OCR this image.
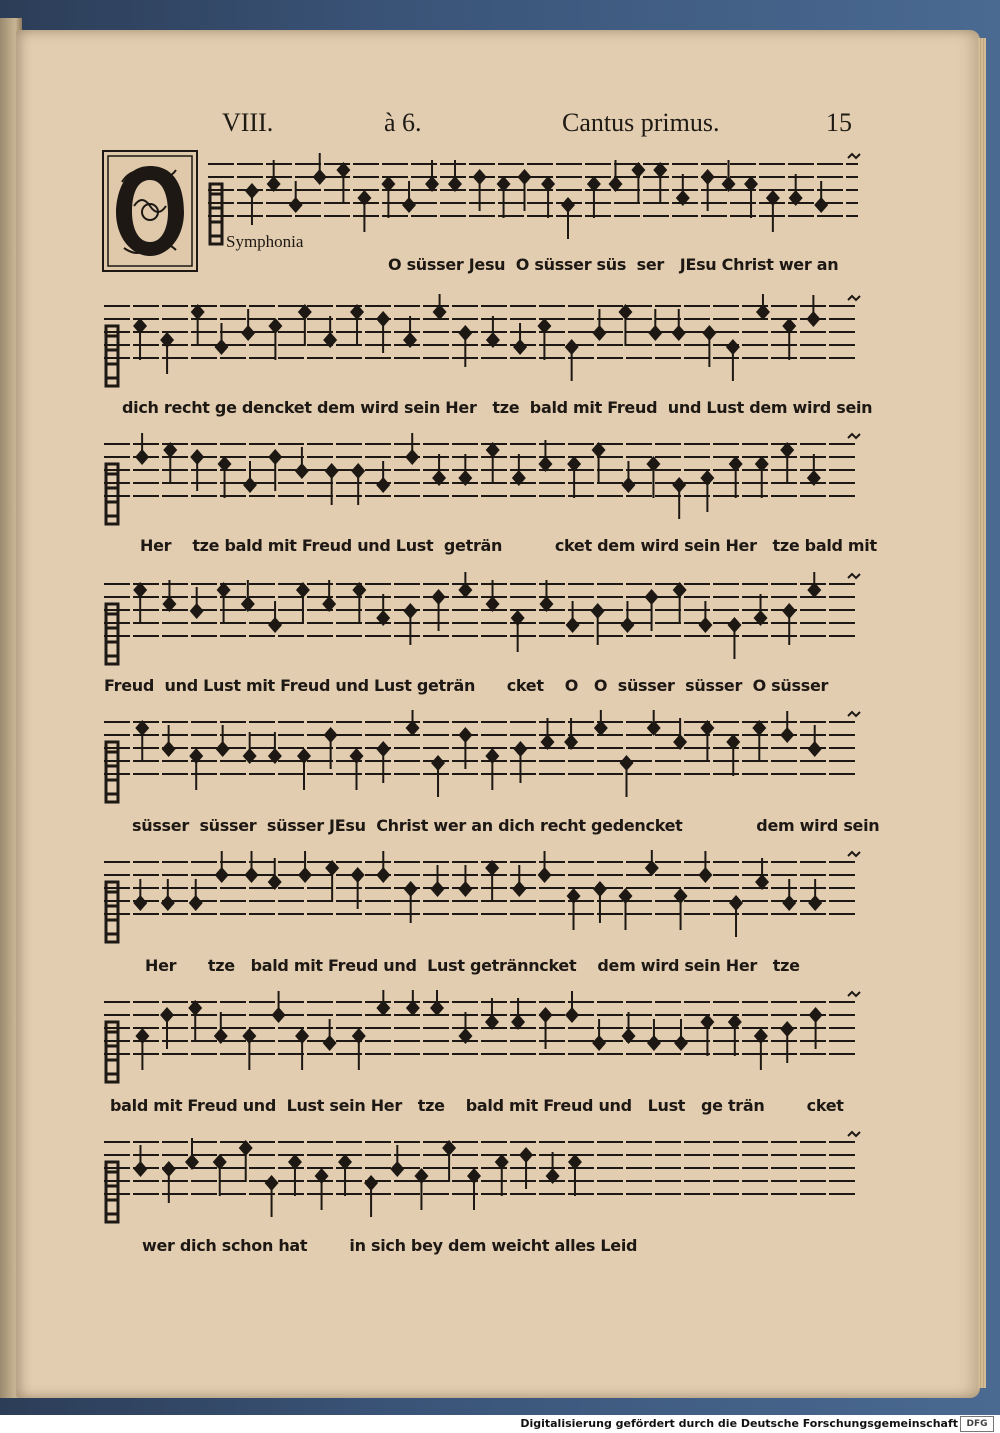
VIII.	à 6.	Cantus primus.	15
Symphonia
O süsser Jesu  O süsser süs  ser   JEsu Christ wer an
dich recht ge dencket dem wird sein Her   tze  bald mit Freud  und Lust dem wird sein
Her    tze bald mit Freud und Lust  geträn          cket dem wird sein Her   tze bald mit
Freud  und Lust mit Freud und Lust geträn      cket    O   O  süsser  süsser  O süsser
süsser  süsser  süsser JEsu  Christ wer an dich recht gedencket              dem wird sein
Her      tze   bald mit Freud und  Lust getränncket    dem wird sein Her   tze
bald mit Freud und  Lust sein Her   tze    bald mit Freud und   Lust   ge trän        cket
wer dich schon hat        in sich bey dem weicht alles Leid
Digitalisierung gefördert durch die Deutsche Forschungsgemeinschaft DFG
